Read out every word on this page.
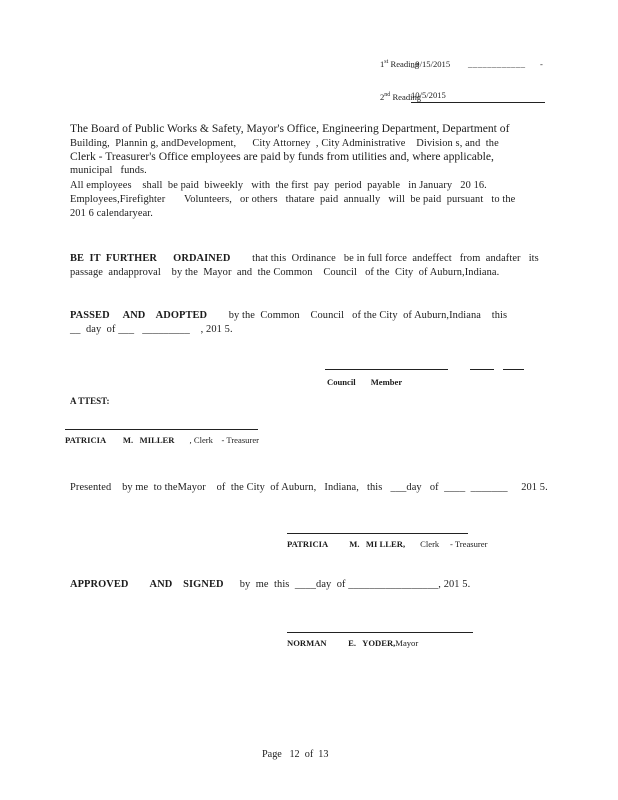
1st Reading
_9/15/2015	____________	-

2nd Reading
10/5/2015

The Board of Public Works & Safety, Mayor's Office, Engineering Department, Department of
Building,  Plannin g, andDevelopment,      City Attorney  , City Administrative    Division s, and  the
Clerk - Treasurer's Office employees are paid by funds from utilities and, where applicable,
municipal   funds.
All employees    shall  be paid  biweekly   with  the first  pay  period  payable   in January   20 16.
Employees,Firefighter       Volunteers,   or others   thatare  paid  annually   will  be paid  pursuant   to the
201 6 calendaryear.
BE  IT  FURTHER      ORDAINED        that this  Ordinance   be in full force  andeffect   from  andafter   its
passage  andapproval    by the  Mayor  and  the Common    Council   of the  City  of Auburn,Indiana.
PASSED     AND    ADOPTED        by the  Common    Council   of the City  of Auburn,Indiana    this
__  day  of ___   _________    , 201 5.
Council       Member
A TTEST:
PATRICIA        M.   MILLER       , Clerk    - Treasurer
Presented    by me  to theMayor    of  the City  of Auburn,   Indiana,   this   ___day   of  ____  _______     201 5.
PATRICIA          M.   MI LLER,       Clerk     - Treasurer
APPROVED        AND    SIGNED      by  me  this  ____day  of _________________, 201 5.
NORMAN          E.   YODER,Mayor
Page   12  of  13
